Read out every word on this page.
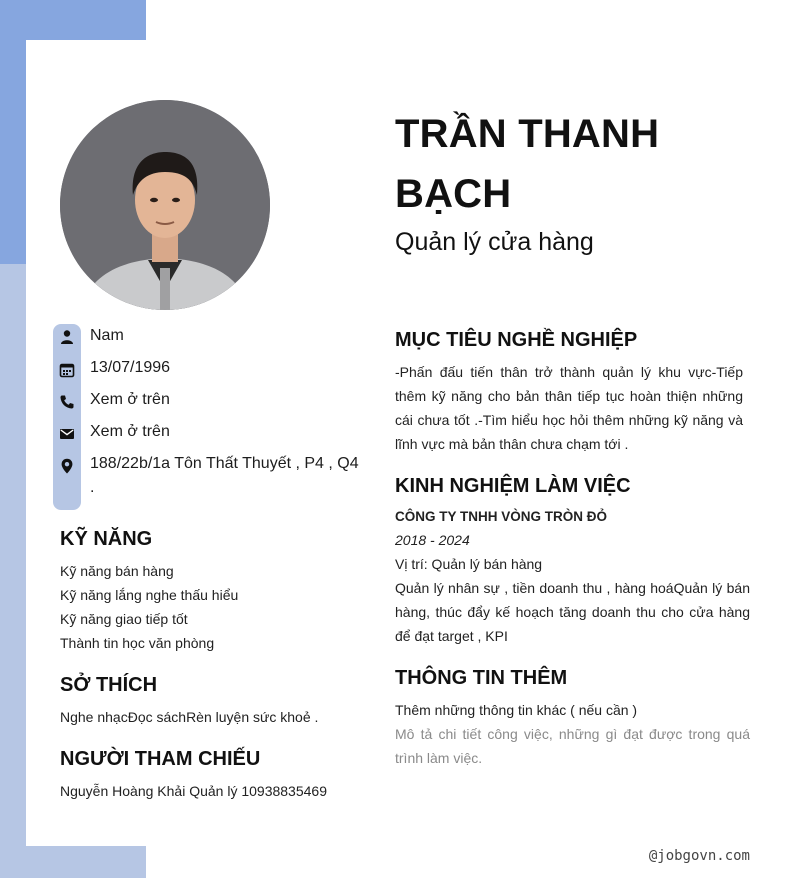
TRẦN THANH BẠCH
Quản lý cửa hàng
Nam
13/07/1996
Xem ở trên
Xem ở trên
188/22b/1a Tôn Thất Thuyết , P4 , Q4 .
KỸ NĂNG
Kỹ năng bán hàng
Kỹ năng lắng nghe thấu hiểu
Kỹ năng giao tiếp tốt
Thành tin học văn phòng
SỞ THÍCH
Nghe nhạcĐọc sáchRèn luyện sức khoẻ .
NGƯỜI THAM CHIẾU
Nguyễn Hoàng Khải Quản lý 10938835469
MỤC TIÊU NGHỀ NGHIỆP
-Phấn đấu tiến thân trở thành quản lý khu vực-Tiếp thêm kỹ năng cho bản thân tiếp tục hoàn thiện những cái chưa tốt .-Tìm hiểu học hỏi thêm những kỹ năng và lĩnh vực mà bản thân chưa chạm tới .
KINH NGHIỆM LÀM VIỆC
CÔNG TY TNHH VÒNG TRÒN ĐỎ
2018 - 2024
Vị trí: Quản lý bán hàng
Quản lý nhân sự , tiền doanh thu , hàng hoáQuản lý bán hàng, thúc đẩy kế hoạch tăng doanh thu cho cửa hàng để đạt target , KPI
THÔNG TIN THÊM
Thêm những thông tin khác ( nếu cần )
Mô tả chi tiết công việc, những gì đạt được trong quá trình làm việc.
@jobgovn.com
